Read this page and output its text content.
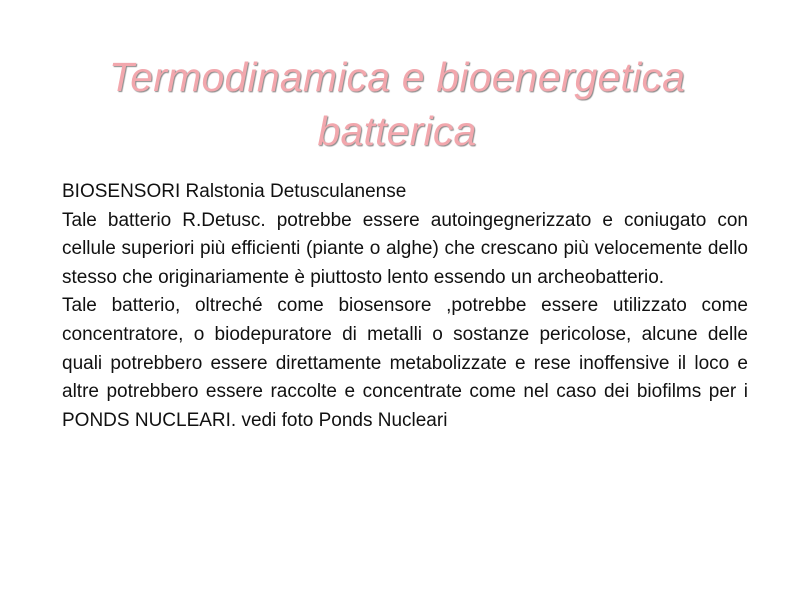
Termodinamica e bioenergetica batterica

BIOSENSORI Ralstonia Detusculanense

Tale batterio R.Detusc. potrebbe essere autoingegnerizzato e coniugato con cellule superiori più efficienti (piante o alghe) che crescano più velocemente dello stesso che originariamente è piuttosto lento essendo un archeobatterio.

Tale batterio, oltreché come biosensore ,potrebbe essere utilizzato come concentratore, o biodepuratore di metalli o sostanze pericolose, alcune delle quali potrebbero essere direttamente metabolizzate e rese inoffensive il loco e altre potrebbero essere raccolte e concentrate come nel caso dei biofilms per i PONDS NUCLEARI. vedi foto Ponds Nucleari
